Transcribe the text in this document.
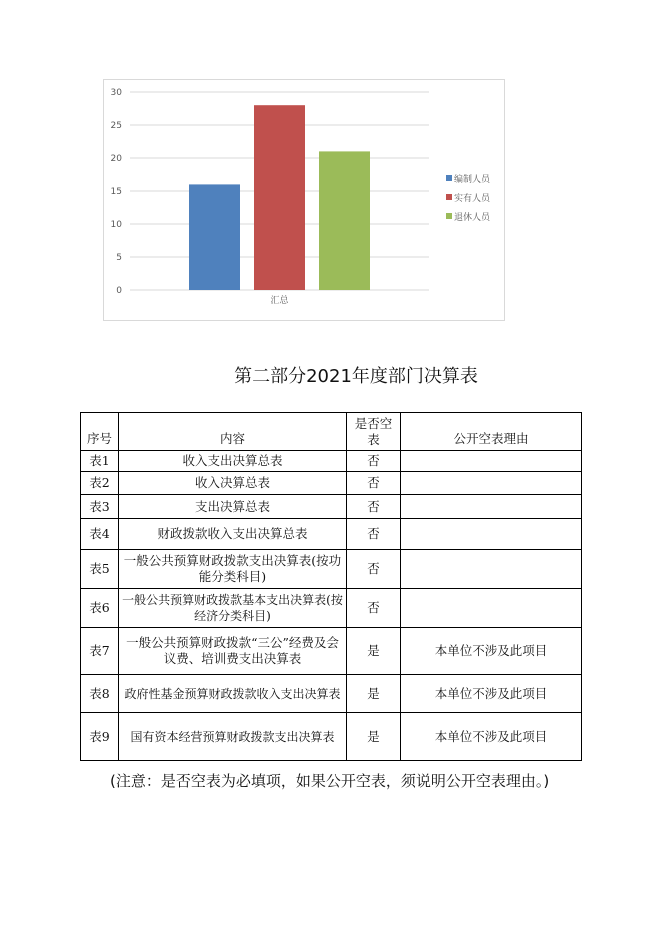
0
5
10
15
20
25
30
汇总
编制人员
实有人员
退休人员
第二部分2021年度部门决算表
序号	内容	是否空表	公开空表理由
表1	收入支出决算总表	否	
表2	收入决算总表	否	
表3	支出决算总表	否	
表4	财政拨款收入支出决算总表	否	
表5	一般公共预算财政拨款支出决算表(按功能分类科目)	否	
表6	一般公共预算财政拨款基本支出决算表(按经济分类科目)	否	
表7	一般公共预算财政拨款“三公”经费及会议费、培训费支出决算表	是	本单位不涉及此项目
表8	政府性基金预算财政拨款收入支出决算表	是	本单位不涉及此项目
表9	国有资本经营预算财政拨款支出决算表	是	本单位不涉及此项目
(注意：是否空表为必填项，如果公开空表，须说明公开空表理由。)
